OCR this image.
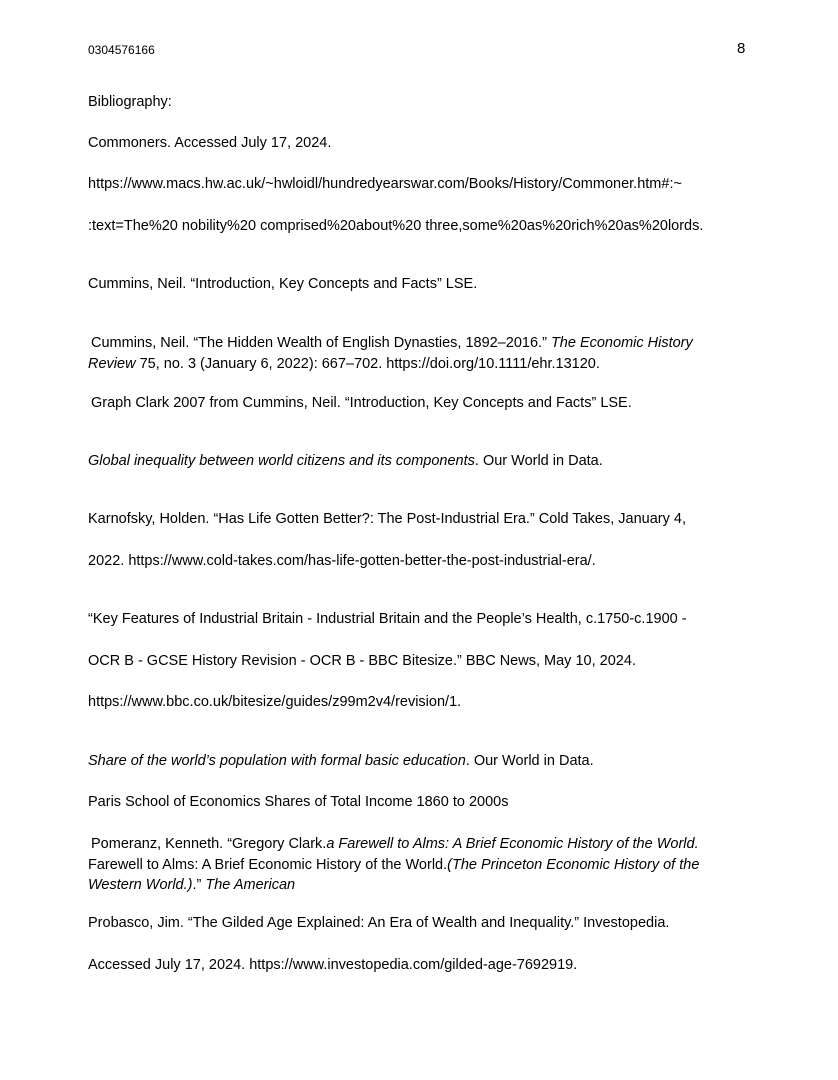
0304576166	8
Bibliography:
Commoners. Accessed July 17, 2024.
https://www.macs.hw.ac.uk/~hwloidl/hundredyearswar.com/Books/History/Commoner.htm#:~
:text=The%20 nobility%20 comprised%20about%20 three,some%20as%20rich%20as%20lords.
Cummins, Neil. “Introduction, Key Concepts and Facts” LSE.
Cummins, Neil. “The Hidden Wealth of English Dynasties, 1892–2016.” The Economic History
Review 75, no. 3 (January 6, 2022): 667–702. https://doi.org/10.1111/ehr.13120.
Graph Clark 2007 from Cummins, Neil. “Introduction, Key Concepts and Facts” LSE.
Global inequality between world citizens and its components. Our World in Data.
Karnofsky, Holden. “Has Life Gotten Better?: The Post-Industrial Era.” Cold Takes, January 4,
2022. https://www.cold-takes.com/has-life-gotten-better-the-post-industrial-era/.
“Key Features of Industrial Britain - Industrial Britain and the People’s Health, c.1750-c.1900 -
OCR B - GCSE History Revision - OCR B - BBC Bitesize.” BBC News, May 10, 2024.
https://www.bbc.co.uk/bitesize/guides/z99m2v4/revision/1.
Share of the world’s population with formal basic education. Our World in Data.
Paris School of Economics Shares of Total Income 1860 to 2000s
Pomeranz, Kenneth. “Gregory Clark.a Farewell to Alms: A Brief Economic History of the World.
Farewell to Alms: A Brief Economic History of the World.(The Princeton Economic History of the
Western World.).” The American
Probasco, Jim. “The Gilded Age Explained: An Era of Wealth and Inequality.” Investopedia.
Accessed July 17, 2024. https://www.investopedia.com/gilded-age-7692919.
